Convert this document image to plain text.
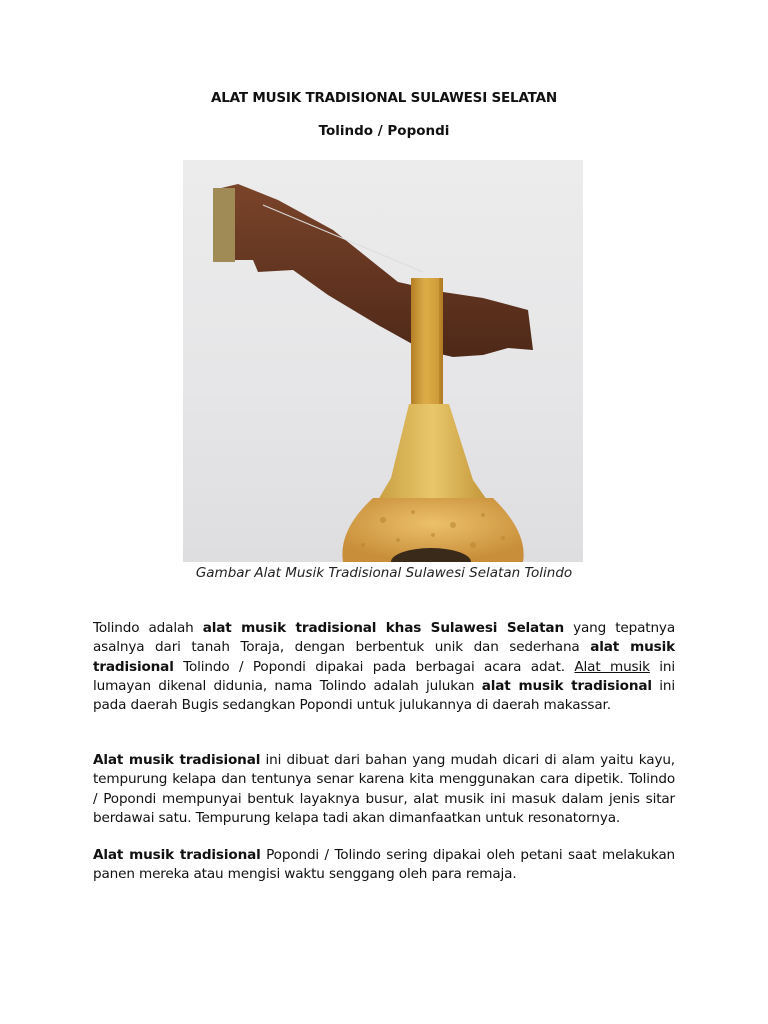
ALAT MUSIK TRADISIONAL SULAWESI SELATAN
Tolindo / Popondi
Gambar Alat Musik Tradisional Sulawesi Selatan Tolindo
Tolindo adalah alat musik tradisional khas Sulawesi Selatan yang tepatnya asalnya dari tanah Toraja, dengan berbentuk unik dan sederhana alat musik tradisional Tolindo / Popondi dipakai pada berbagai acara adat. Alat musik ini lumayan dikenal didunia, nama Tolindo adalah julukan alat musik tradisional ini pada daerah Bugis sedangkan Popondi untuk julukannya di daerah makassar.
Alat musik tradisional ini dibuat dari bahan yang mudah dicari di alam yaitu kayu, tempurung kelapa dan tentunya senar karena kita menggunakan cara dipetik. Tolindo / Popondi mempunyai bentuk layaknya busur, alat musik ini masuk dalam jenis sitar berdawai satu. Tempurung kelapa tadi akan dimanfaatkan untuk resonatornya.
Alat musik tradisional Popondi / Tolindo sering dipakai oleh petani saat melakukan panen mereka atau mengisi waktu senggang oleh para remaja.
